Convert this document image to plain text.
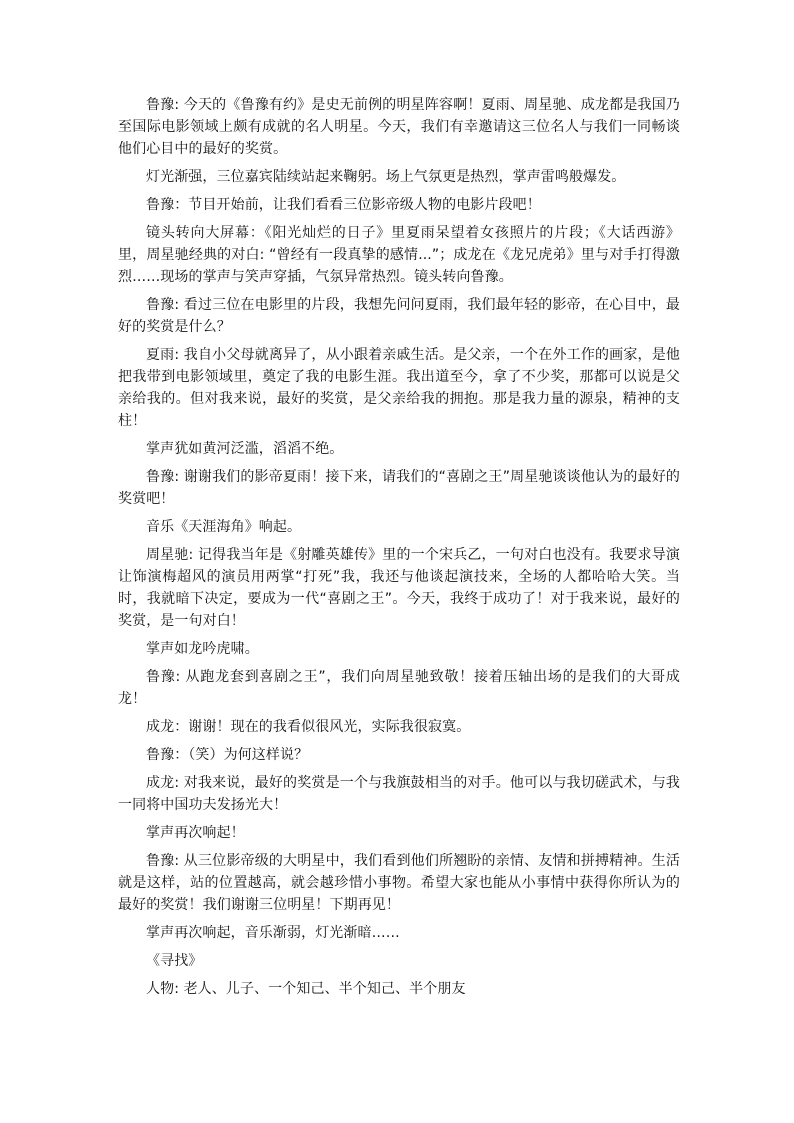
鲁豫: 今天的《鲁豫有约》是史无前例的明星阵容啊！夏雨、周星驰、成龙都是我国乃至国际电影领域上颇有成就的名人明星。今天，我们有幸邀请这三位名人与我们一同畅谈他们心目中的最好的奖赏。

灯光渐强，三位嘉宾陆续站起来鞠躬。场上气氛更是热烈，掌声雷鸣般爆发。

鲁豫：节目开始前，让我们看看三位影帝级人物的电影片段吧！

镜头转向大屏幕：《阳光灿烂的日子》里夏雨呆望着女孩照片的片段；《大话西游》里，周星驰经典的对白: “曾经有一段真挚的感情...”；成龙在《龙兄虎弟》里与对手打得激烈……现场的掌声与笑声穿插，气氛异常热烈。镜头转向鲁豫。

鲁豫: 看过三位在电影里的片段，我想先问问夏雨，我们最年轻的影帝，在心目中，最好的奖赏是什么？

夏雨: 我自小父母就离异了，从小跟着亲戚生活。是父亲，一个在外工作的画家，是他把我带到电影领域里，奠定了我的电影生涯。我出道至今，拿了不少奖，那都可以说是父亲给我的。但对我来说，最好的奖赏，是父亲给我的拥抱。那是我力量的源泉，精神的支柱！

掌声犹如黄河泛滥，滔滔不绝。

鲁豫: 谢谢我们的影帝夏雨！接下来，请我们的“喜剧之王”周星驰谈谈他认为的最好的奖赏吧！

音乐《天涯海角》响起。

周星驰: 记得我当年是《射雕英雄传》里的一个宋兵乙，一句对白也没有。我要求导演让饰演梅超风的演员用两掌“打死”我，我还与他谈起演技来，全场的人都哈哈大笑。当时，我就暗下决定，要成为一代“喜剧之王”。今天，我终于成功了！对于我来说，最好的奖赏，是一句对白！

掌声如龙吟虎啸。

鲁豫: 从跑龙套到喜剧之王”，我们向周星驰致敬！接着压轴出场的是我们的大哥成龙！

成龙：谢谢！现在的我看似很风光，实际我很寂寞。

鲁豫：（笑）为何这样说？

成龙: 对我来说，最好的奖赏是一个与我旗鼓相当的对手。他可以与我切磋武术，与我一同将中国功夫发扬光大！

掌声再次响起！

鲁豫: 从三位影帝级的大明星中，我们看到他们所翘盼的亲情、友情和拼搏精神。生活就是这样，站的位置越高，就会越珍惜小事物。希望大家也能从小事情中获得你所认为的最好的奖赏！我们谢谢三位明星！下期再见！

掌声再次响起，音乐渐弱，灯光渐暗……

《寻找》

人物: 老人、儿子、一个知己、半个知己、半个朋友
